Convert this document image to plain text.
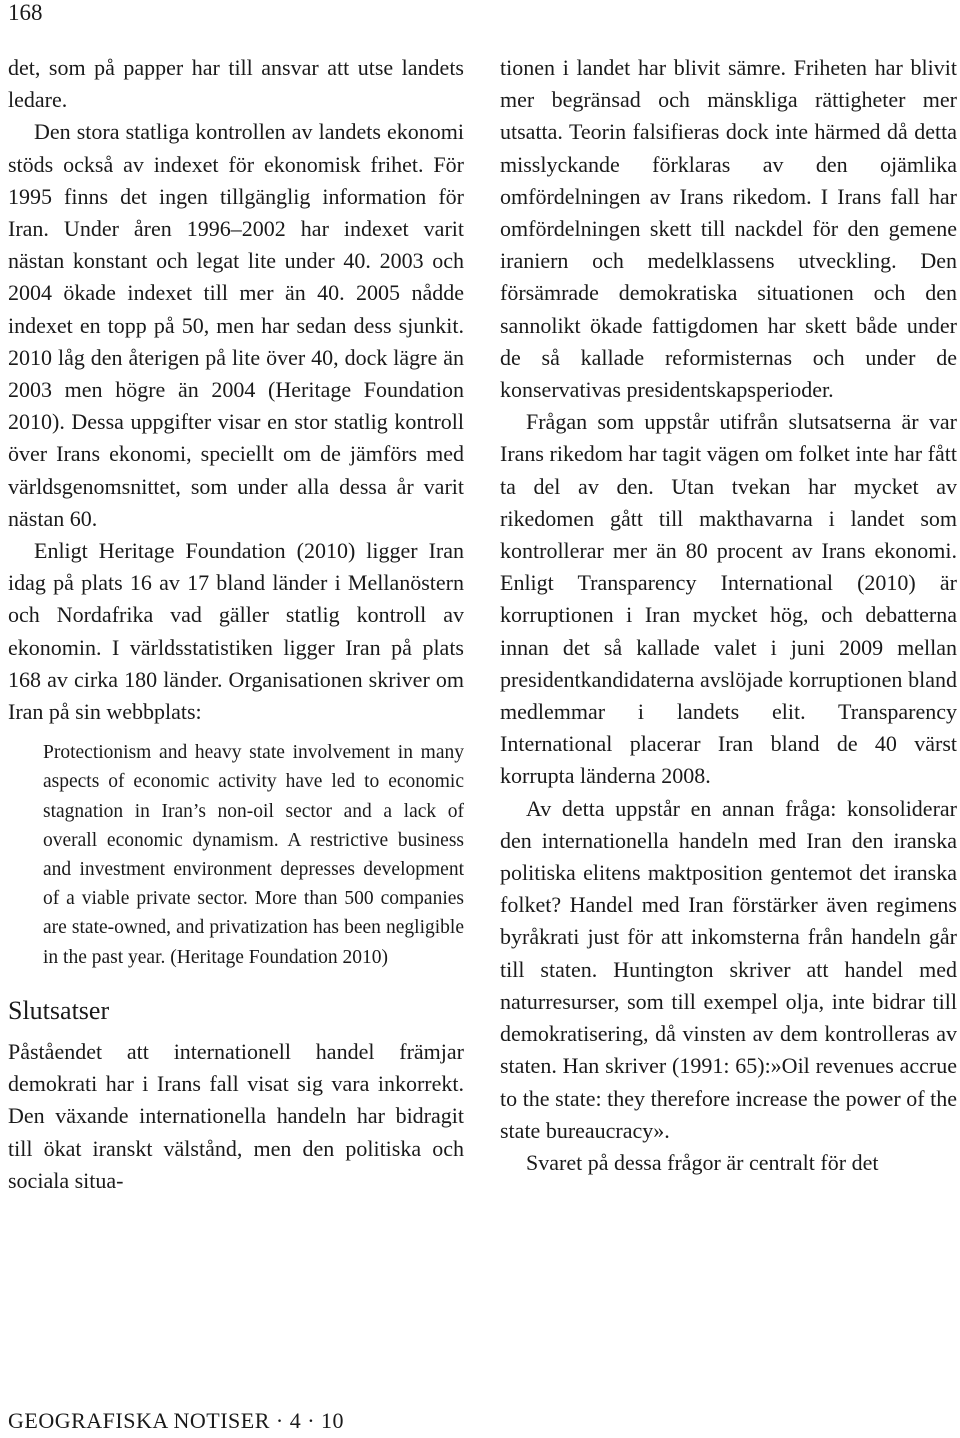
168

det, som på papper har till ansvar att utse landets ledare.

Den stora statliga kontrollen av landets ekonomi stöds också av indexet för ekonomisk frihet. För 1995 finns det ingen tillgänglig information för Iran. Under åren 1996–2002 har indexet varit nästan konstant och legat lite under 40. 2003 och 2004 ökade indexet till mer än 40. 2005 nådde indexet en topp på 50, men har sedan dess sjunkit. 2010 låg den återigen på lite över 40, dock lägre än 2003 men högre än 2004 (Heritage Foundation 2010). Dessa uppgifter visar en stor statlig kontroll över Irans ekonomi, speciellt om de jämförs med världsgenomsnittet, som under alla dessa år varit nästan 60.

Enligt Heritage Foundation (2010) ligger Iran idag på plats 16 av 17 bland länder i Mellanöstern och Nordafrika vad gäller statlig kontroll av ekonomin. I världsstatistiken ligger Iran på plats 168 av cirka 180 länder. Organisationen skriver om Iran på sin webbplats:

Protectionism and heavy state involvement in many aspects of economic activity have led to economic stagnation in Iran’s non-oil sector and a lack of overall economic dynamism. A restrictive business and investment environment depresses development of a viable private sector. More than 500 companies are state-owned, and privatization has been negligible in the past year. (Heritage Foundation 2010)
Slutsatser

Påståendet att internationell handel främjar demokrati har i Irans fall visat sig vara inkorrekt. Den växande internationella handeln har bidragit till ökat iranskt välstånd, men den politiska och sociala situa-

tionen i landet har blivit sämre. Friheten har blivit mer begränsad och mänskliga rättigheter mer utsatta. Teorin falsifieras dock inte härmed då detta misslyckande förklaras av den ojämlika omfördelningen av Irans rikedom. I Irans fall har omfördelningen skett till nackdel för den gemene iraniern och medelklassens utveckling. Den försämrade demokratiska situationen och den sannolikt ökade fattigdomen har skett både under de så kallade reformisternas och under de konservativas presidentskapsperioder.

Frågan som uppstår utifrån slutsatserna är var Irans rikedom har tagit vägen om folket inte har fått ta del av den. Utan tvekan har mycket av rikedomen gått till makthavarna i landet som kontrollerar mer än 80 procent av Irans ekonomi. Enligt Transparency International (2010) är korruptionen i Iran mycket hög, och debatterna innan det så kallade valet i juni 2009 mellan presidentkandidaterna avslöjade korruptionen bland medlemmar i landets elit. Transparency International placerar Iran bland de 40 värst korrupta länderna 2008.

Av detta uppstår en annan fråga: konsoliderar den internationella handeln med Iran den iranska politiska elitens maktposition gentemot det iranska folket? Handel med Iran förstärker även regimens byråkrati just för att inkomsterna från handeln går till staten. Huntington skriver att handel med naturresurser, som till exempel olja, inte bidrar till demokratisering, då vinsten av dem kontrolleras av staten. Han skriver (1991: 65):»Oil revenues accrue to the state: they therefore increase the power of the state bureaucracy».

Svaret på dessa frågor är centralt för det

GEOGRAFISKA NOTISER · 4 · 10
